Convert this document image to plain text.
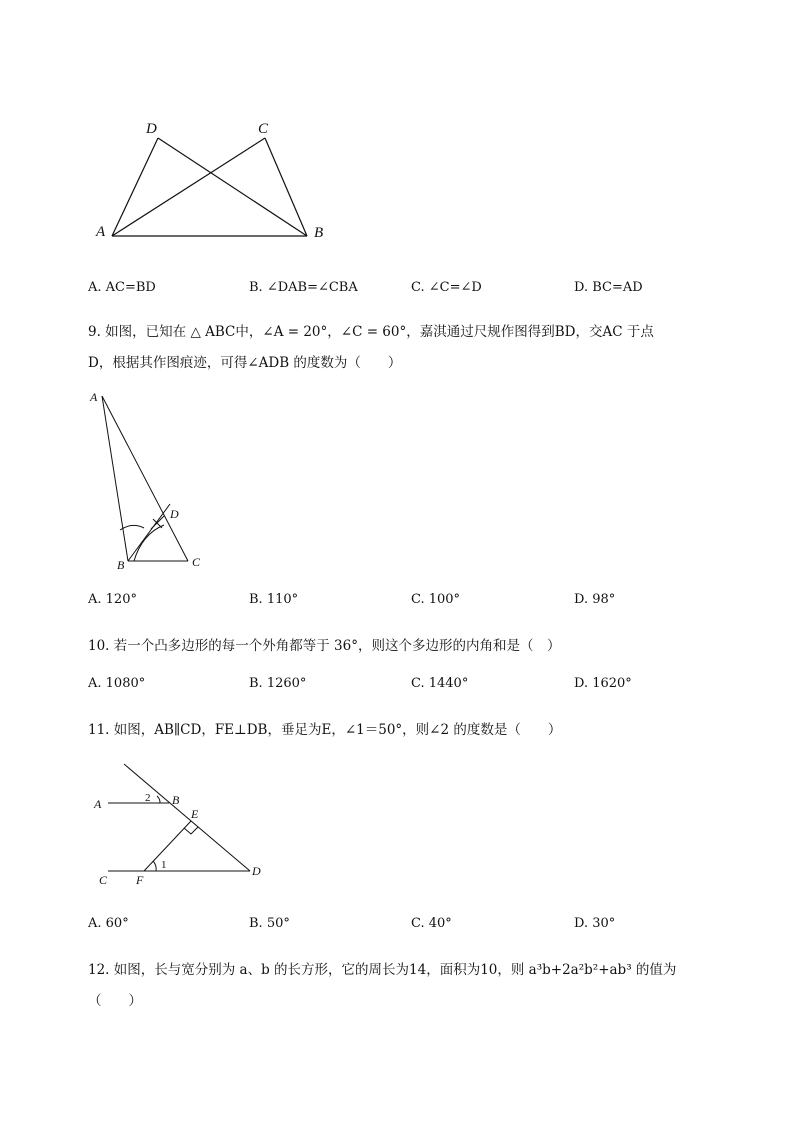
D	C
A	B
A. AC=BD	B. ∠DAB=∠CBA	C. ∠C=∠D	D. BC=AD
9. 如图，已知在 △ ABC中，∠A = 20°，∠C = 60°，嘉淇通过尺规作图得到BD，交AC 于点
D，根据其作图痕迹，可得∠ADB 的度数为（　　）
A
B	C
D
A. 120°	B. 110°	C. 100°	D. 98°
10. 若一个凸多边形的每一个外角都等于 36°，则这个多边形的内角和是（　）
A. 1080°	B. 1260°	C. 1440°	D. 1620°
11. 如图，AB∥CD，FE⊥DB，垂足为E，∠1＝50°，则∠2 的度数是（　　）
A	B
E
C F
D
1
2
A. 60°	B. 50°	C. 40°	D. 30°
12. 如图，长与宽分别为 a、b 的长方形，它的周长为14，面积为10，则 a³b+2a²b²+ab³ 的值为
（　　）
